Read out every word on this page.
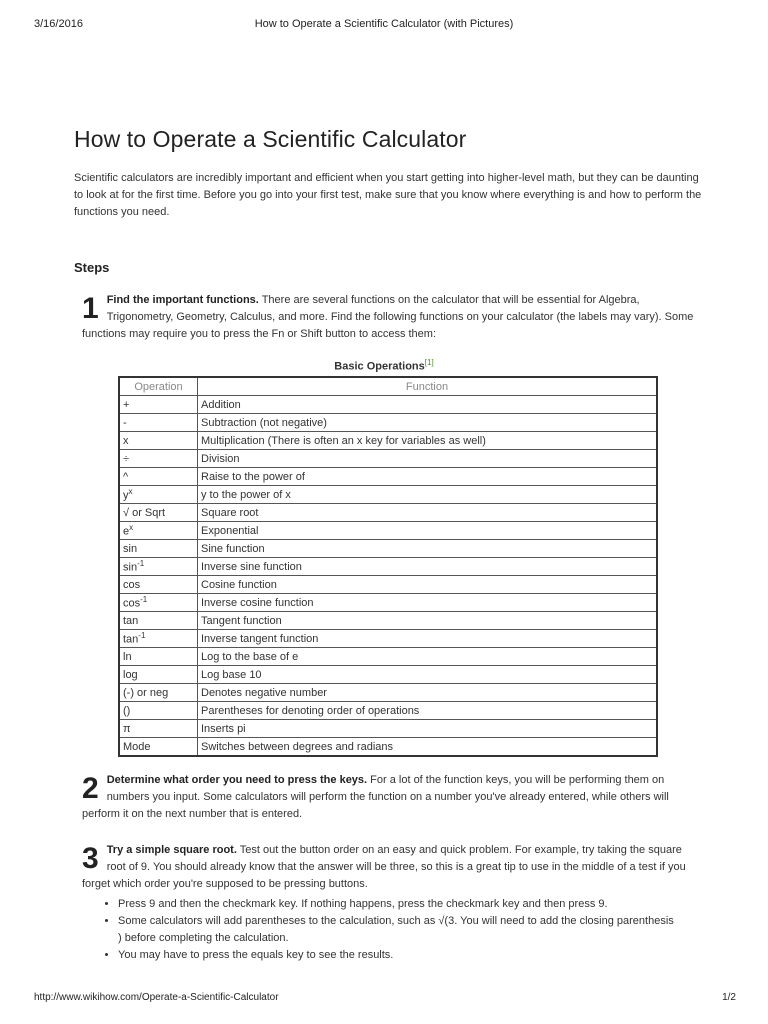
3/16/2016	How to Operate a Scientific Calculator (with Pictures)
How to Operate a Scientific Calculator

Scientific calculators are incredibly important and efficient when you start getting into higher-level math, but they can be daunting to look at for the first time. Before you go into your first test, make sure that you know where everything is and how to perform the functions you need.

Steps
1 Find the important functions. There are several functions on the calculator that will be essential for Algebra, Trigonometry, Geometry, Calculus, and more. Find the following functions on your calculator (the labels may vary). Some functions may require you to press the Fn or Shift button to access them:
Basic Operations[1]
Operation	Function
+	Addition
-	Subtraction (not negative)
x	Multiplication (There is often an x key for variables as well)
÷	Division
^	Raise to the power of
$y^x$	y to the power of x
√ or Sqrt	Square root
$e^x$	Exponential
sin	Sine function
$\sin^{-1}$	Inverse sine function
cos	Cosine function
$\cos^{-1}$	Inverse cosine function
tan	Tangent function
$\tan^{-1}$	Inverse tangent function
ln	Log to the base of e
log	Log base 10
(-) or neg	Denotes negative number
()	Parentheses for denoting order of operations
π	Inserts pi
Mode	Switches between degrees and radians
2 Determine what order you need to press the keys. For a lot of the function keys, you will be performing them on numbers you input. Some calculators will perform the function on a number you've already entered, while others will perform it on the next number that is entered.
3 Try a simple square root. Test out the button order on an easy and quick problem. For example, try taking the square root of 9. You should already know that the answer will be three, so this is a great tip to use in the middle of a test if you forget which order you're supposed to be pressing buttons.
• Press 9 and then the checkmark key. If nothing happens, press the checkmark key and then press 9.
• Some calculators will add parentheses to the calculation, such as √(3. You will need to add the closing parenthesis ) before completing the calculation.
• You may have to press the equals key to see the results.
http://www.wikihow.com/Operate-a-Scientific-Calculator	1/2
